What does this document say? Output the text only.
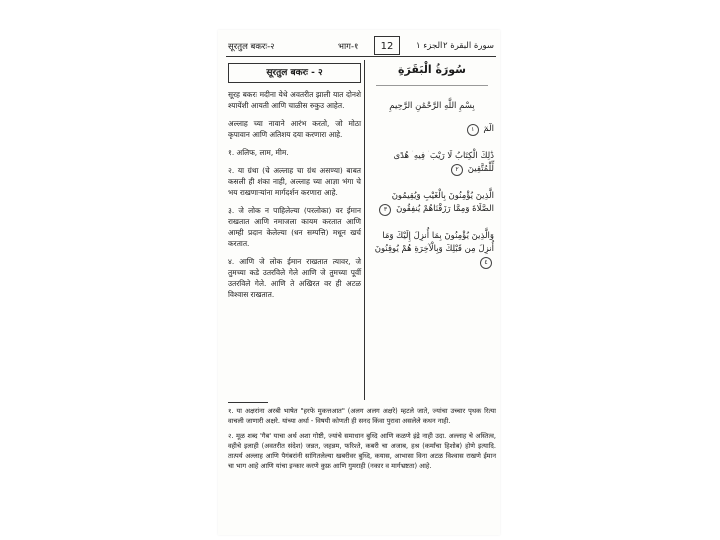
सूरतुल बकरः-२	भाग-१	12	الجزء ١ سورة البقرة ٢
सूरतुल बकरः - २

सूरह बकरः मदीना येथे अवतरीत झाली यात दोनशे श्यायेंशी आयती आणि चाळीस रुकुउ आहेत.

अल्लाह च्या नावाने आरंभ करतो, जो मोठा कृपावान आणि अतिशय दया करणारा आहे.

१. अलिफ, लाम, मीम.

२. या ग्रंथा (चे अल्लाह चा ग्रंथ असण्या) बाबत कसली ही शंका नाही, अल्लाह च्या आज्ञा भंगा चे भय राखणाऱ्यांना मार्गदर्शन करणारा आहे.

३. जे लोक न पाहिलेल्या (परलोका) वर ईमान राखतात आणि नमाजला कायम करतात आणि आम्ही प्रदान केलेल्या (धन सम्पत्ति) मधून खर्च करतात.

४. आणि जे लोक ईमान राखतात त्यावर, जे तुमच्या कडे उतरविले गेले आणि जे तुमच्या पूर्वी उतरविले गेले. आणि ते अखिरत वर ही अटळ विश्वास राखतात.

سُورَةُ الْبَقَرَةِ
بِسْمِ اللَّهِ الرَّحْمَٰنِ الرَّحِيمِ
الٓمٓ ١
ذَٰلِكَ الْكِتَابُ لَا رَيْبَ ۛ فِيهِ ۛ هُدًى لِّلْمُتَّقِينَ ٢
الَّذِينَ يُؤْمِنُونَ بِالْغَيْبِ وَيُقِيمُونَ الصَّلَاةَ وَمِمَّا رَزَقْنَاهُمْ يُنفِقُونَ ٣
وَالَّذِينَ يُؤْمِنُونَ بِمَا أُنزِلَ إِلَيْكَ وَمَا أُنزِلَ مِن قَبْلِكَ وَبِالْآخِرَةِ هُمْ يُوقِنُونَ ٤

१. या अक्षरांना अरबी भाषेत "हरफे मुकत्तआत" (अलग अलग अक्षरे) म्हटले जाते, ज्यांचा उच्चार पृथक रित्या वाचली जाणारी अक्षरे. यांच्या अर्था - विषयी कोणती ही सनद किंवा पुरावा असलेले कथन नाही.

२. मूळ शब्द 'गैब' याचा अर्थ अशा गोष्टी, ज्यांचे समाधान बुध्दि आणि कळणे इंद्रे नाही उदा. अल्लाह चे अस्तित्व, वहीचे इलाही (अवतरीत संदेश) जन्नत, जहन्नम, फरिश्ते, कबरी चा अजाब, हश्र (कर्मांचा हिशोब) होणे इत्यादि. तात्पर्य अल्लाह आणि पैगंबरांनी सांगितलेल्या खबरीवर बुध्दि, कयास, आभासा विना अटळ विश्वास राखणे ईमान चा भाग आहे आणि यांचा इन्कार करणे कुफ्र आणि गुमराही (नकार व मार्गभ्रष्टता) आहे.
